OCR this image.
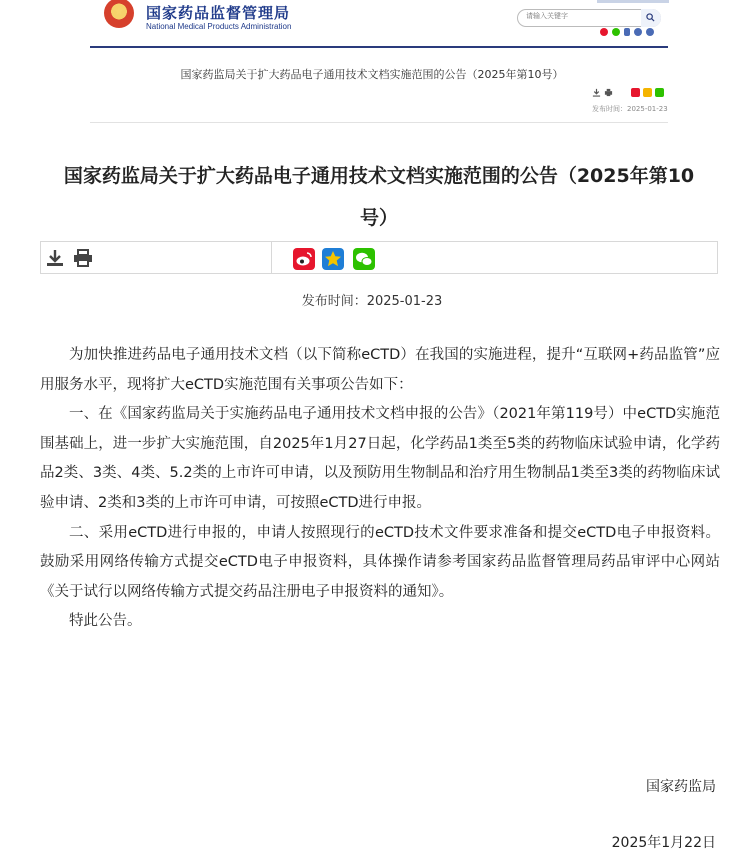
国家药品监督管理局
National Medical Products Administration
请输入关键字
国家药监局关于扩大药品电子通用技术文档实施范围的公告（2025年第10号）
发布时间：2025-01-23
国家药监局关于扩大药品电子通用技术文档实施范围的公告（2025年第10
号）
发布时间：2025-01-23

为加快推进药品电子通用技术文档（以下简称eCTD）在我国的实施进程，提升“互联网+药品监管”应用服务水平，现将扩大eCTD实施范围有关事项公告如下：

一、在《国家药监局关于实施药品电子通用技术文档申报的公告》（2021年第119号）中eCTD实施范围基础上，进一步扩大实施范围，自2025年1月27日起，化学药品1类至5类的药物临床试验申请，化学药品2类、3类、4类、5.2类的上市许可申请，以及预防用生物制品和治疗用生物制品1类至3类的药物临床试验申请、2类和3类的上市许可申请，可按照eCTD进行申报。

二、采用eCTD进行申报的，申请人按照现行的eCTD技术文件要求准备和提交eCTD电子申报资料。鼓励采用网络传输方式提交eCTD电子申报资料，具体操作请参考国家药品监督管理局药品审评中心网站《关于试行以网络传输方式提交药品注册电子申报资料的通知》。

特此公告。

国家药监局
2025年1月22日
